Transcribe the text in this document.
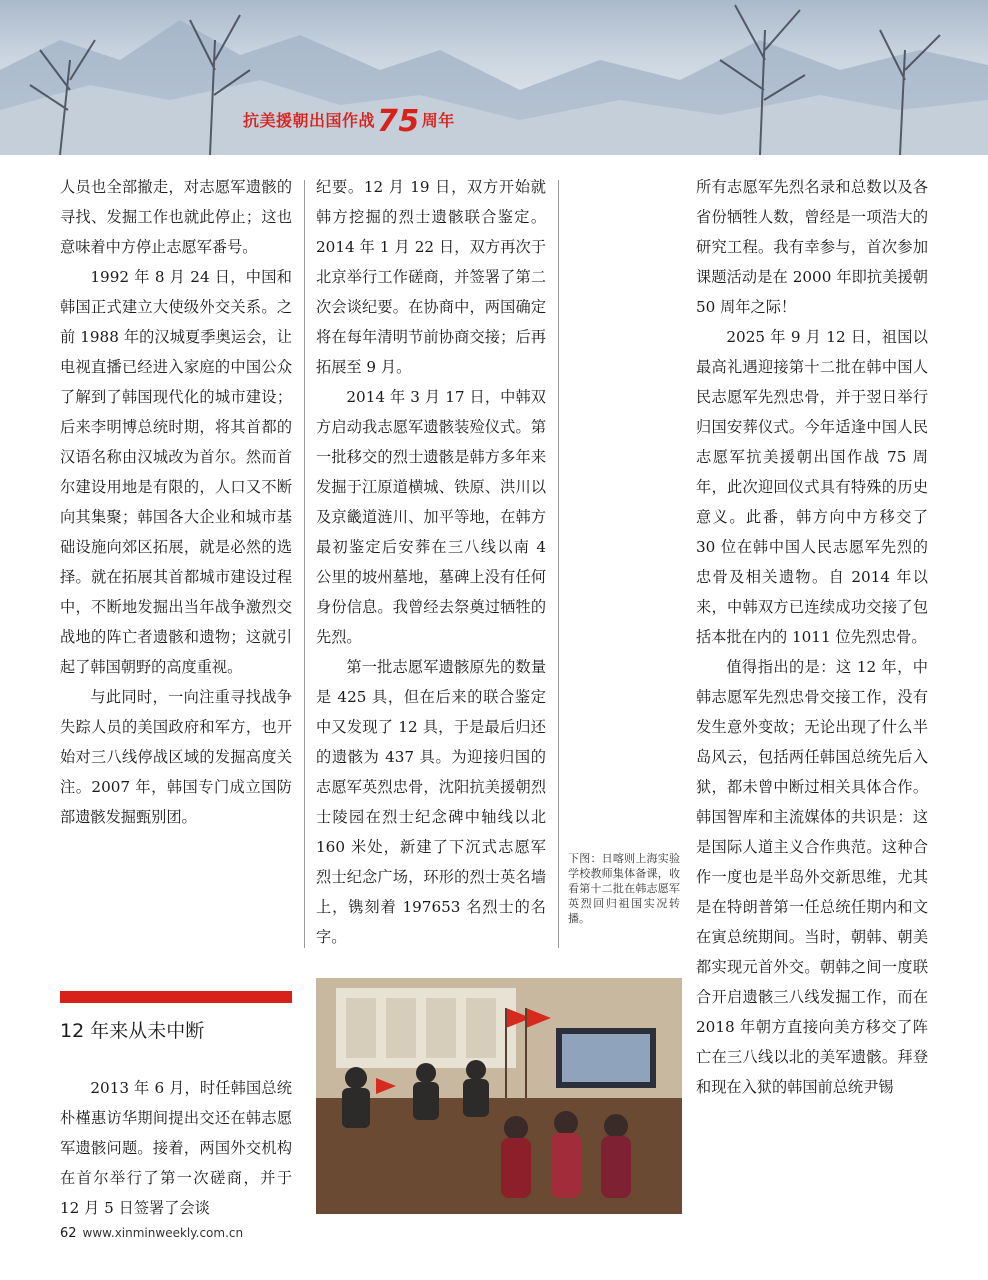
抗美援朝出国作战75 周年

人员也全部撤走，对志愿军遗骸的寻找、发掘工作也就此停止；这也意味着中方停止志愿军番号。

1992 年 8 月 24 日，中国和韩国正式建立大使级外交关系。之前 1988 年的汉城夏季奥运会，让电视直播已经进入家庭的中国公众了解到了韩国现代化的城市建设；后来李明博总统时期，将其首都的汉语名称由汉城改为首尔。然而首尔建设用地是有限的，人口又不断向其集聚；韩国各大企业和城市基础设施向郊区拓展，就是必然的选择。就在拓展其首都城市建设过程中，不断地发掘出当年战争激烈交战地的阵亡者遗骸和遗物；这就引起了韩国朝野的高度重视。

与此同时，一向注重寻找战争失踪人员的美国政府和军方，也开始对三八线停战区域的发掘高度关注。2007 年，韩国专门成立国防部遗骸发掘甄别团。

12 年来从未中断

2013 年 6 月，时任韩国总统朴槿惠访华期间提出交还在韩志愿军遗骸问题。接着，两国外交机构在首尔举行了第一次磋商，并于 12 月 5 日签署了会谈

纪要。12 月 19 日，双方开始就韩方挖掘的烈士遗骸联合鉴定。2014 年 1 月 22 日，双方再次于北京举行工作磋商，并签署了第二次会谈纪要。在协商中，两国确定将在每年清明节前协商交接；后再拓展至 9 月。

2014 年 3 月 17 日，中韩双方启动我志愿军遗骸装殓仪式。第一批移交的烈士遗骸是韩方多年来发掘于江原道横城、铁原、洪川以及京畿道涟川、加平等地，在韩方最初鉴定后安葬在三八线以南 4 公里的坡州墓地，墓碑上没有任何身份信息。我曾经去祭奠过牺牲的先烈。

第一批志愿军遗骸原先的数量是 425 具，但在后来的联合鉴定中又发现了 12 具，于是最后归还的遗骸为 437 具。为迎接归国的志愿军英烈忠骨，沈阳抗美援朝烈士陵园在烈士纪念碑中轴线以北 160 米处，新建了下沉式志愿军烈士纪念广场，环形的烈士英名墙上，镌刻着 197653 名烈士的名字。

下图：日喀则上海实验学校教师集体备课，收看第十二批在韩志愿军英烈回归祖国实况转播。

所有志愿军先烈名录和总数以及各省份牺牲人数，曾经是一项浩大的研究工程。我有幸参与，首次参加课题活动是在 2000 年即抗美援朝 50 周年之际！

2025 年 9 月 12 日，祖国以最高礼遇迎接第十二批在韩中国人民志愿军先烈忠骨，并于翌日举行归国安葬仪式。今年适逢中国人民志愿军抗美援朝出国作战 75 周年，此次迎回仪式具有特殊的历史意义。此番，韩方向中方移交了 30 位在韩中国人民志愿军先烈的忠骨及相关遗物。自 2014 年以来，中韩双方已连续成功交接了包括本批在内的 1011 位先烈忠骨。

值得指出的是：这 12 年，中韩志愿军先烈忠骨交接工作，没有发生意外变故；无论出现了什么半岛风云，包括两任韩国总统先后入狱，都未曾中断过相关具体合作。韩国智库和主流媒体的共识是：这是国际人道主义合作典范。这种合作一度也是半岛外交新思维，尤其是在特朗普第一任总统任期内和文在寅总统期间。当时，朝韩、朝美都实现元首外交。朝韩之间一度联合开启遗骸三八线发掘工作，而在 2018 年朝方直接向美方移交了阵亡在三八线以北的美军遗骸。拜登和现在入狱的韩国前总统尹锡

62 www.xinminweekly.com.cn
